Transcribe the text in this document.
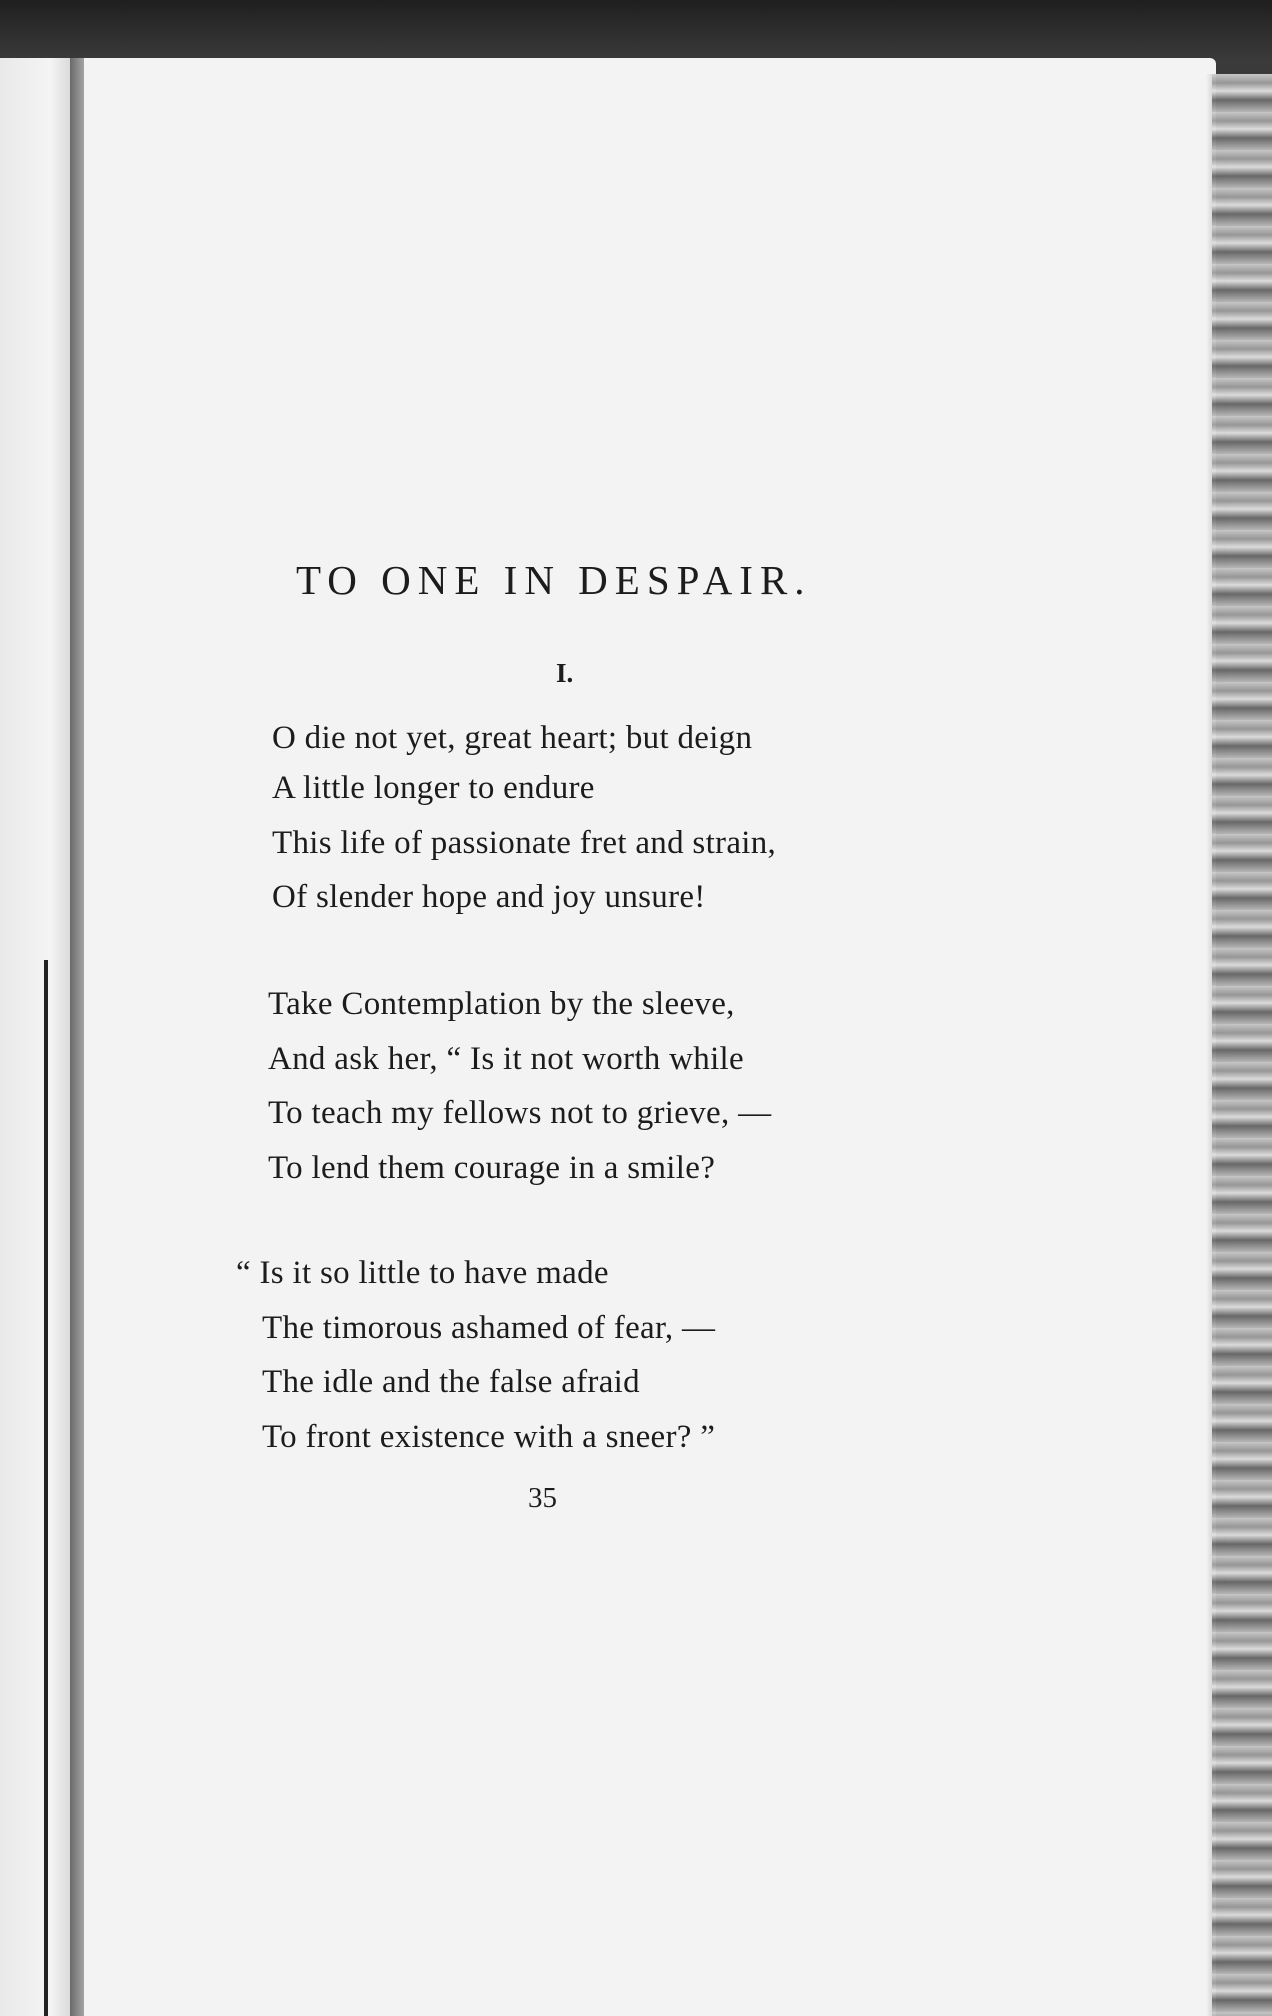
TO ONE IN DESPAIR.
I.
O die not yet, great heart; but deign
A little longer to endure
This life of passionate fret and strain,
Of slender hope and joy unsure!
Take Contemplation by the sleeve,
And ask her, “ Is it not worth while
To teach my fellows not to grieve, —
To lend them courage in a smile?
“ Is it so little to have made
The timorous ashamed of fear, —
The idle and the false afraid
To front existence with a sneer? ”
35
